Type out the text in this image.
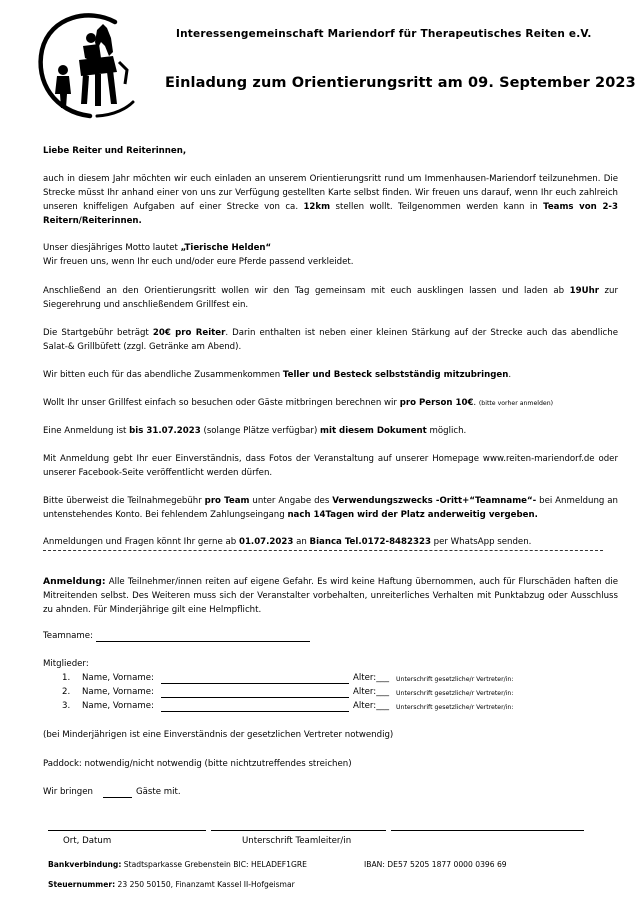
Interessengemeinschaft Mariendorf für Therapeutisches Reiten e.V.
Einladung zum Orientierungsritt am 09. September 2023
Liebe Reiter und Reiterinnen,
auch in diesem Jahr möchten wir euch einladen an unserem Orientierungsritt rund um Immenhausen-Mariendorf teilzunehmen. Die Strecke müsst Ihr anhand einer von uns zur Verfügung gestellten Karte selbst finden. Wir freuen uns darauf, wenn Ihr euch zahlreich unseren kniffeligen Aufgaben auf einer Strecke von ca. 12km stellen wollt. Teilgenommen werden kann in Teams von 2-3 Reitern/Reiterinnen.
Unser diesjähriges Motto lautet „Tierische Helden“
Wir freuen uns, wenn Ihr euch und/oder eure Pferde passend verkleidet.
Anschließend an den Orientierungsritt wollen wir den Tag gemeinsam mit euch ausklingen lassen und laden ab 19Uhr zur Siegerehrung und anschließendem Grillfest ein.
Die Startgebühr beträgt 20€ pro Reiter. Darin enthalten ist neben einer kleinen Stärkung auf der Strecke auch das abendliche Salat-& Grillbüfett (zzgl. Getränke am Abend).
Wir bitten euch für das abendliche Zusammenkommen Teller und Besteck selbstständig mitzubringen.
Wollt Ihr unser Grillfest einfach so besuchen oder Gäste mitbringen berechnen wir pro Person 10€. (bitte vorher anmelden)
Eine Anmeldung ist bis 31.07.2023 (solange Plätze verfügbar) mit diesem Dokument möglich.
Mit Anmeldung gebt Ihr euer Einverständnis, dass Fotos der Veranstaltung auf unserer Homepage www.reiten-mariendorf.de oder unserer Facebook-Seite veröffentlicht werden dürfen.
Bitte überweist die Teilnahmegebühr pro Team unter Angabe des Verwendungszwecks -Oritt+“Teamname“- bei Anmeldung an untenstehendes Konto. Bei fehlendem Zahlungseingang nach 14Tagen wird der Platz anderweitig vergeben.
Anmeldungen und Fragen könnt Ihr gerne ab 01.07.2023 an Bianca Tel.0172-8482323 per WhatsApp senden.
Anmeldung: Alle Teilnehmer/innen reiten auf eigene Gefahr. Es wird keine Haftung übernommen, auch für Flurschäden haften die Mitreitenden selbst. Des Weiteren muss sich der Veranstalter vorbehalten, unreiterliches Verhalten mit Punktabzug oder Ausschluss zu ahnden. Für Minderjährige gilt eine Helmpflicht.
Teamname:
Mitglieder:
1. Name, Vorname:	Alter:___ Unterschrift gesetzliche/r Vertreter/in:
2. Name, Vorname:	Alter:___ Unterschrift gesetzliche/r Vertreter/in:
3. Name, Vorname:	Alter:___ Unterschrift gesetzliche/r Vertreter/in:
(bei Minderjährigen ist eine Einverständnis der gesetzlichen Vertreter notwendig)
Paddock: notwendig/nicht notwendig (bitte nichtzutreffendes streichen)
Wir bringen	Gäste mit.
Ort, Datum	Unterschrift Teamleiter/in
Bankverbindung: Stadtsparkasse Grebenstein BIC: HELADEF1GRE	IBAN: DE57 5205 1877 0000 0396 69
Steuernummer: 23 250 50150, Finanzamt Kassel II-Hofgeismar
